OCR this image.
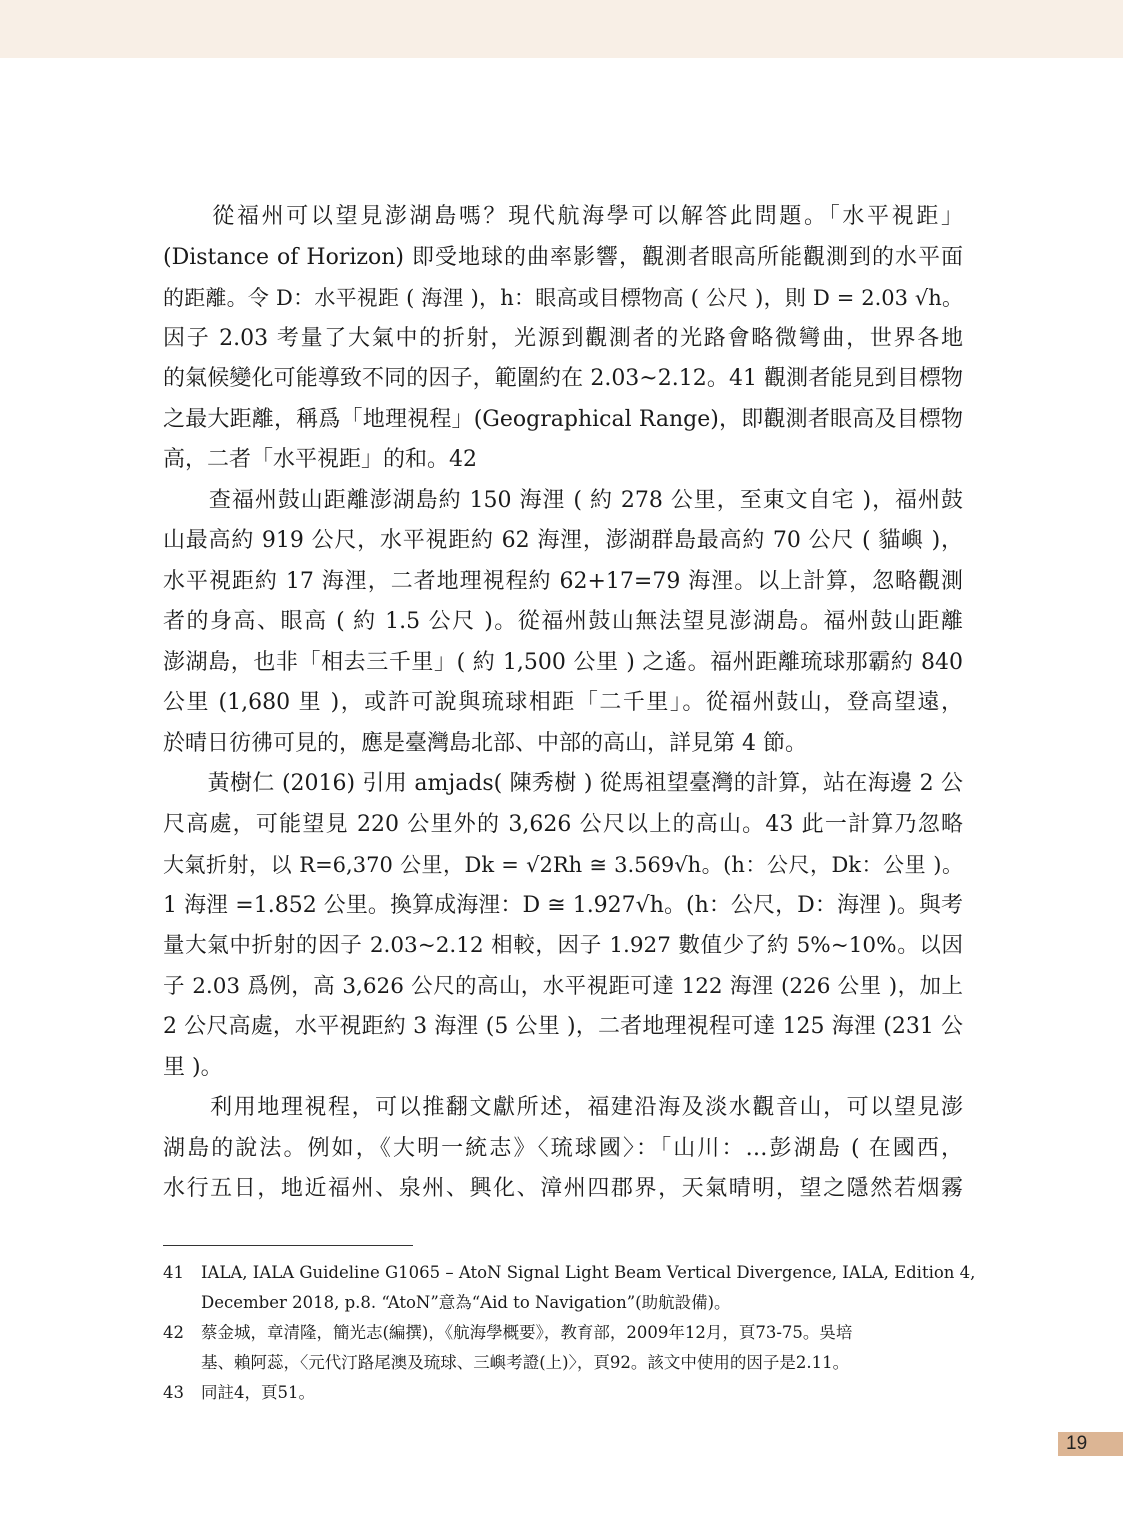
　　從福州可以望見澎湖島嗎？現代航海學可以解答此問題。「水平視距」
(Distance of Horizon) 即受地球的曲率影響，觀測者眼高所能觀測到的水平面
的距離。令 D：水平視距 ( 海浬 )，h：眼高或目標物高 ( 公尺 )，則 D = 2.03 √h。
因子 2.03 考量了大氣中的折射，光源到觀測者的光路會略微彎曲，世界各地
的氣候變化可能導致不同的因子，範圍約在 2.03~2.12。41 觀測者能見到目標物
之最大距離，稱爲「地理視程」(Geographical Range)，即觀測者眼高及目標物
高，二者「水平視距」的和。42
　　查福州鼓山距離澎湖島約 150 海浬 ( 約 278 公里，至東文自宅 )，福州鼓
山最高約 919 公尺，水平視距約 62 海浬，澎湖群島最高約 70 公尺 ( 貓嶼 )，
水平視距約 17 海浬，二者地理視程約 62+17=79 海浬。以上計算，忽略觀測
者的身高、眼高 ( 約 1.5 公尺 )。從福州鼓山無法望見澎湖島。福州鼓山距離
澎湖島，也非「相去三千里」( 約 1,500 公里 ) 之遙。福州距離琉球那霸約 840
公里 (1,680 里 )，或許可說與琉球相距「二千里」。從福州鼓山，登高望遠，
於晴日彷彿可見的，應是臺灣島北部、中部的高山，詳見第 4 節。
　　黃樹仁 (2016) 引用 amjads( 陳秀樹 ) 從馬祖望臺灣的計算，站在海邊 2 公
尺高處，可能望見 220 公里外的 3,626 公尺以上的高山。43 此一計算乃忽略
大氣折射，以 R=6,370 公里，Dk = √2Rh ≅ 3.569√h。(h：公尺，Dk：公里 )。
1 海浬 =1.852 公里。換算成海浬：D ≅ 1.927√h。(h：公尺，D：海浬 )。與考
量大氣中折射的因子 2.03~2.12 相較，因子 1.927 數值少了約 5%~10%。以因
子 2.03 爲例，高 3,626 公尺的高山，水平視距可達 122 海浬 (226 公里 )，加上
2 公尺高處，水平視距約 3 海浬 (5 公里 )，二者地理視程可達 125 海浬 (231 公
里 )。
　　利用地理視程，可以推翻文獻所述，福建沿海及淡水觀音山，可以望見澎
湖島的說法。例如，《大明一統志》〈琉球國〉：「山川：…彭湖島 ( 在國西，
水行五日，地近福州、泉州、興化、漳州四郡界，天氣晴明，望之隱然若烟霧
41	IALA, IALA Guideline G1065 – AtoN Signal Light Beam Vertical Divergence, IALA, Edition 4,
December 2018, p.8. “AtoN”意為“Aid to Navigation”(助航設備)。
42	蔡金城，章清隆，簡光志(編撰)，《航海學概要》，教育部，2009年12月，頁73-75。吳培
基、賴阿蕊，〈元代汀路尾澳及琉球、三嶼考證(上)〉，頁92。該文中使用的因子是2.11。
43	同註4，頁51。
19
